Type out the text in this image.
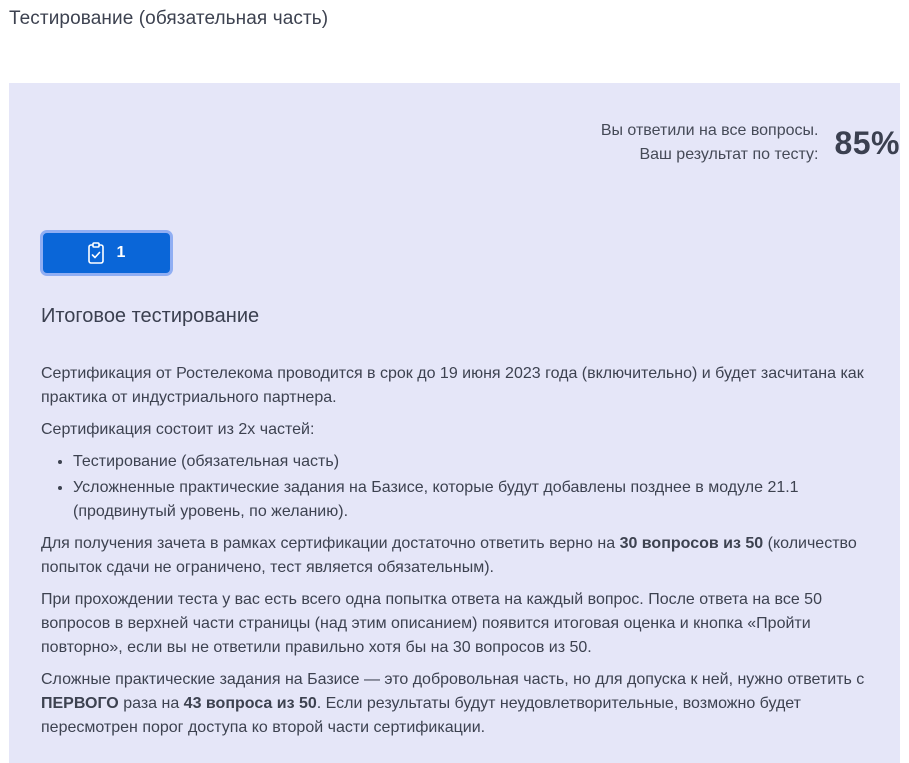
Тестирование (обязательная часть)
Вы ответили на все вопросы.
Ваш результат по тесту: 85%
1
Итоговое тестирование

Сертификация от Ростелекома проводится в срок до 19 июня 2023 года (включительно) и будет засчитана как практика от индустриального партнера.

Сертификация состоит из 2х частей:

• Тестирование (обязательная часть)
• Усложненные практические задания на Базисе, которые будут добавлены позднее в модуле 21.1 (продвинутый уровень, по желанию).

Для получения зачета в рамках сертификации достаточно ответить верно на 30 вопросов из 50 (количество попыток сдачи не ограничено, тест является обязательным).

При прохождении теста у вас есть всего одна попытка ответа на каждый вопрос. После ответа на все 50 вопросов в верхней части страницы (над этим описанием) появится итоговая оценка и кнопка «Пройти повторно», если вы не ответили правильно хотя бы на 30 вопросов из 50.

Сложные практические задания на Базисе — это добровольная часть, но для допуска к ней, нужно ответить с ПЕРВОГО раза на 43 вопроса из 50. Если результаты будут неудовлетворительные, возможно будет пересмотрен порог доступа ко второй части сертификации.
